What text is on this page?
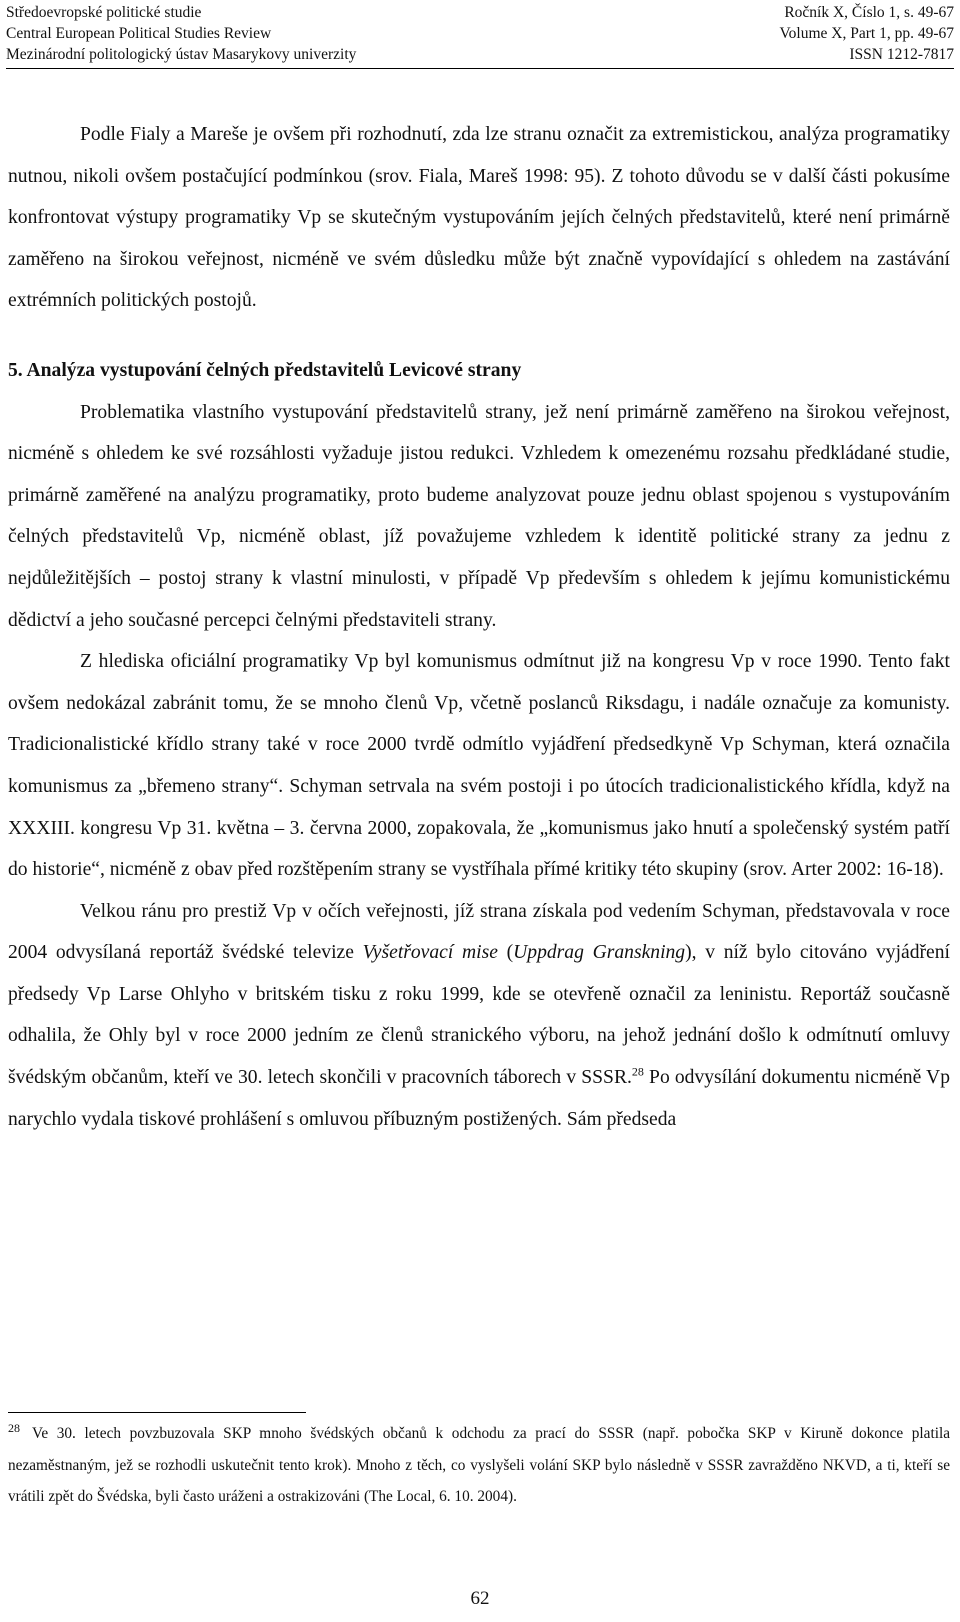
Středoevropské politické studie	Ročník X, Číslo 1, s. 49-67
Central European Political Studies Review	Volume X, Part 1, pp. 49-67
Mezinárodní politologický ústav Masarykovy univerzity	ISSN 1212-7817

Podle Fialy a Mareše je ovšem při rozhodnutí, zda lze stranu označit za extremistickou, analýza programatiky nutnou, nikoli ovšem postačující podmínkou (srov. Fiala, Mareš 1998: 95). Z tohoto důvodu se v další části pokusíme konfrontovat výstupy programatiky Vp se skutečným vystupováním jejích čelných představitelů, které není primárně zaměřeno na širokou veřejnost, nicméně ve svém důsledku může být značně vypovídající s ohledem na zastávání extrémních politických postojů.

5. Analýza vystupování čelných představitelů Levicové strany

Problematika vlastního vystupování představitelů strany, jež není primárně zaměřeno na širokou veřejnost, nicméně s ohledem ke své rozsáhlosti vyžaduje jistou redukci. Vzhledem k omezenému rozsahu předkládané studie, primárně zaměřené na analýzu programatiky, proto budeme analyzovat pouze jednu oblast spojenou s vystupováním čelných představitelů Vp, nicméně oblast, jíž považujeme vzhledem k identitě politické strany za jednu z nejdůležitějších – postoj strany k vlastní minulosti, v případě Vp především s ohledem k jejímu komunistickému dědictví a jeho současné percepci čelnými představiteli strany.

Z hlediska oficiální programatiky Vp byl komunismus odmítnut již na kongresu Vp v roce 1990. Tento fakt ovšem nedokázal zabránit tomu, že se mnoho členů Vp, včetně poslanců Riksdagu, i nadále označuje za komunisty. Tradicionalistické křídlo strany také v roce 2000 tvrdě odmítlo vyjádření předsedkyně Vp Schyman, která označila komunismus za „břemeno strany“. Schyman setrvala na svém postoji i po útocích tradicionalistického křídla, když na XXXIII. kongresu Vp 31. května – 3. června 2000, zopakovala, že „komunismus jako hnutí a společenský systém patří do historie“, nicméně z obav před rozštěpením strany se vystříhala přímé kritiky této skupiny (srov. Arter 2002: 16-18).

Velkou ránu pro prestiž Vp v očích veřejnosti, jíž strana získala pod vedením Schyman, představovala v roce 2004 odvysílaná reportáž švédské televize Vyšetřovací mise (Uppdrag Granskning), v níž bylo citováno vyjádření předsedy Vp Larse Ohlyho v britském tisku z roku 1999, kde se otevřeně označil za leninistu. Reportáž současně odhalila, že Ohly byl v roce 2000 jedním ze členů stranického výboru, na jehož jednání došlo k odmítnutí omluvy švédským občanům, kteří ve 30. letech skončili v pracovních táborech v SSSR.$^{28}$ Po odvysílání dokumentu nicméně Vp narychlo vydala tiskové prohlášení s omluvou příbuzným postižených. Sám předseda

$^{28}$ Ve 30. letech povzbuzovala SKP mnoho švédských občanů k odchodu za prací do SSSR (např. pobočka SKP v Kiruně dokonce platila nezaměstnaným, jež se rozhodli uskutečnit tento krok). Mnoho z těch, co vyslyšeli volání SKP bylo následně v SSSR zavražděno NKVD, a ti, kteří se vrátili zpět do Švédska, byli často uráženi a ostrakizováni (The Local, 6. 10. 2004).

62
